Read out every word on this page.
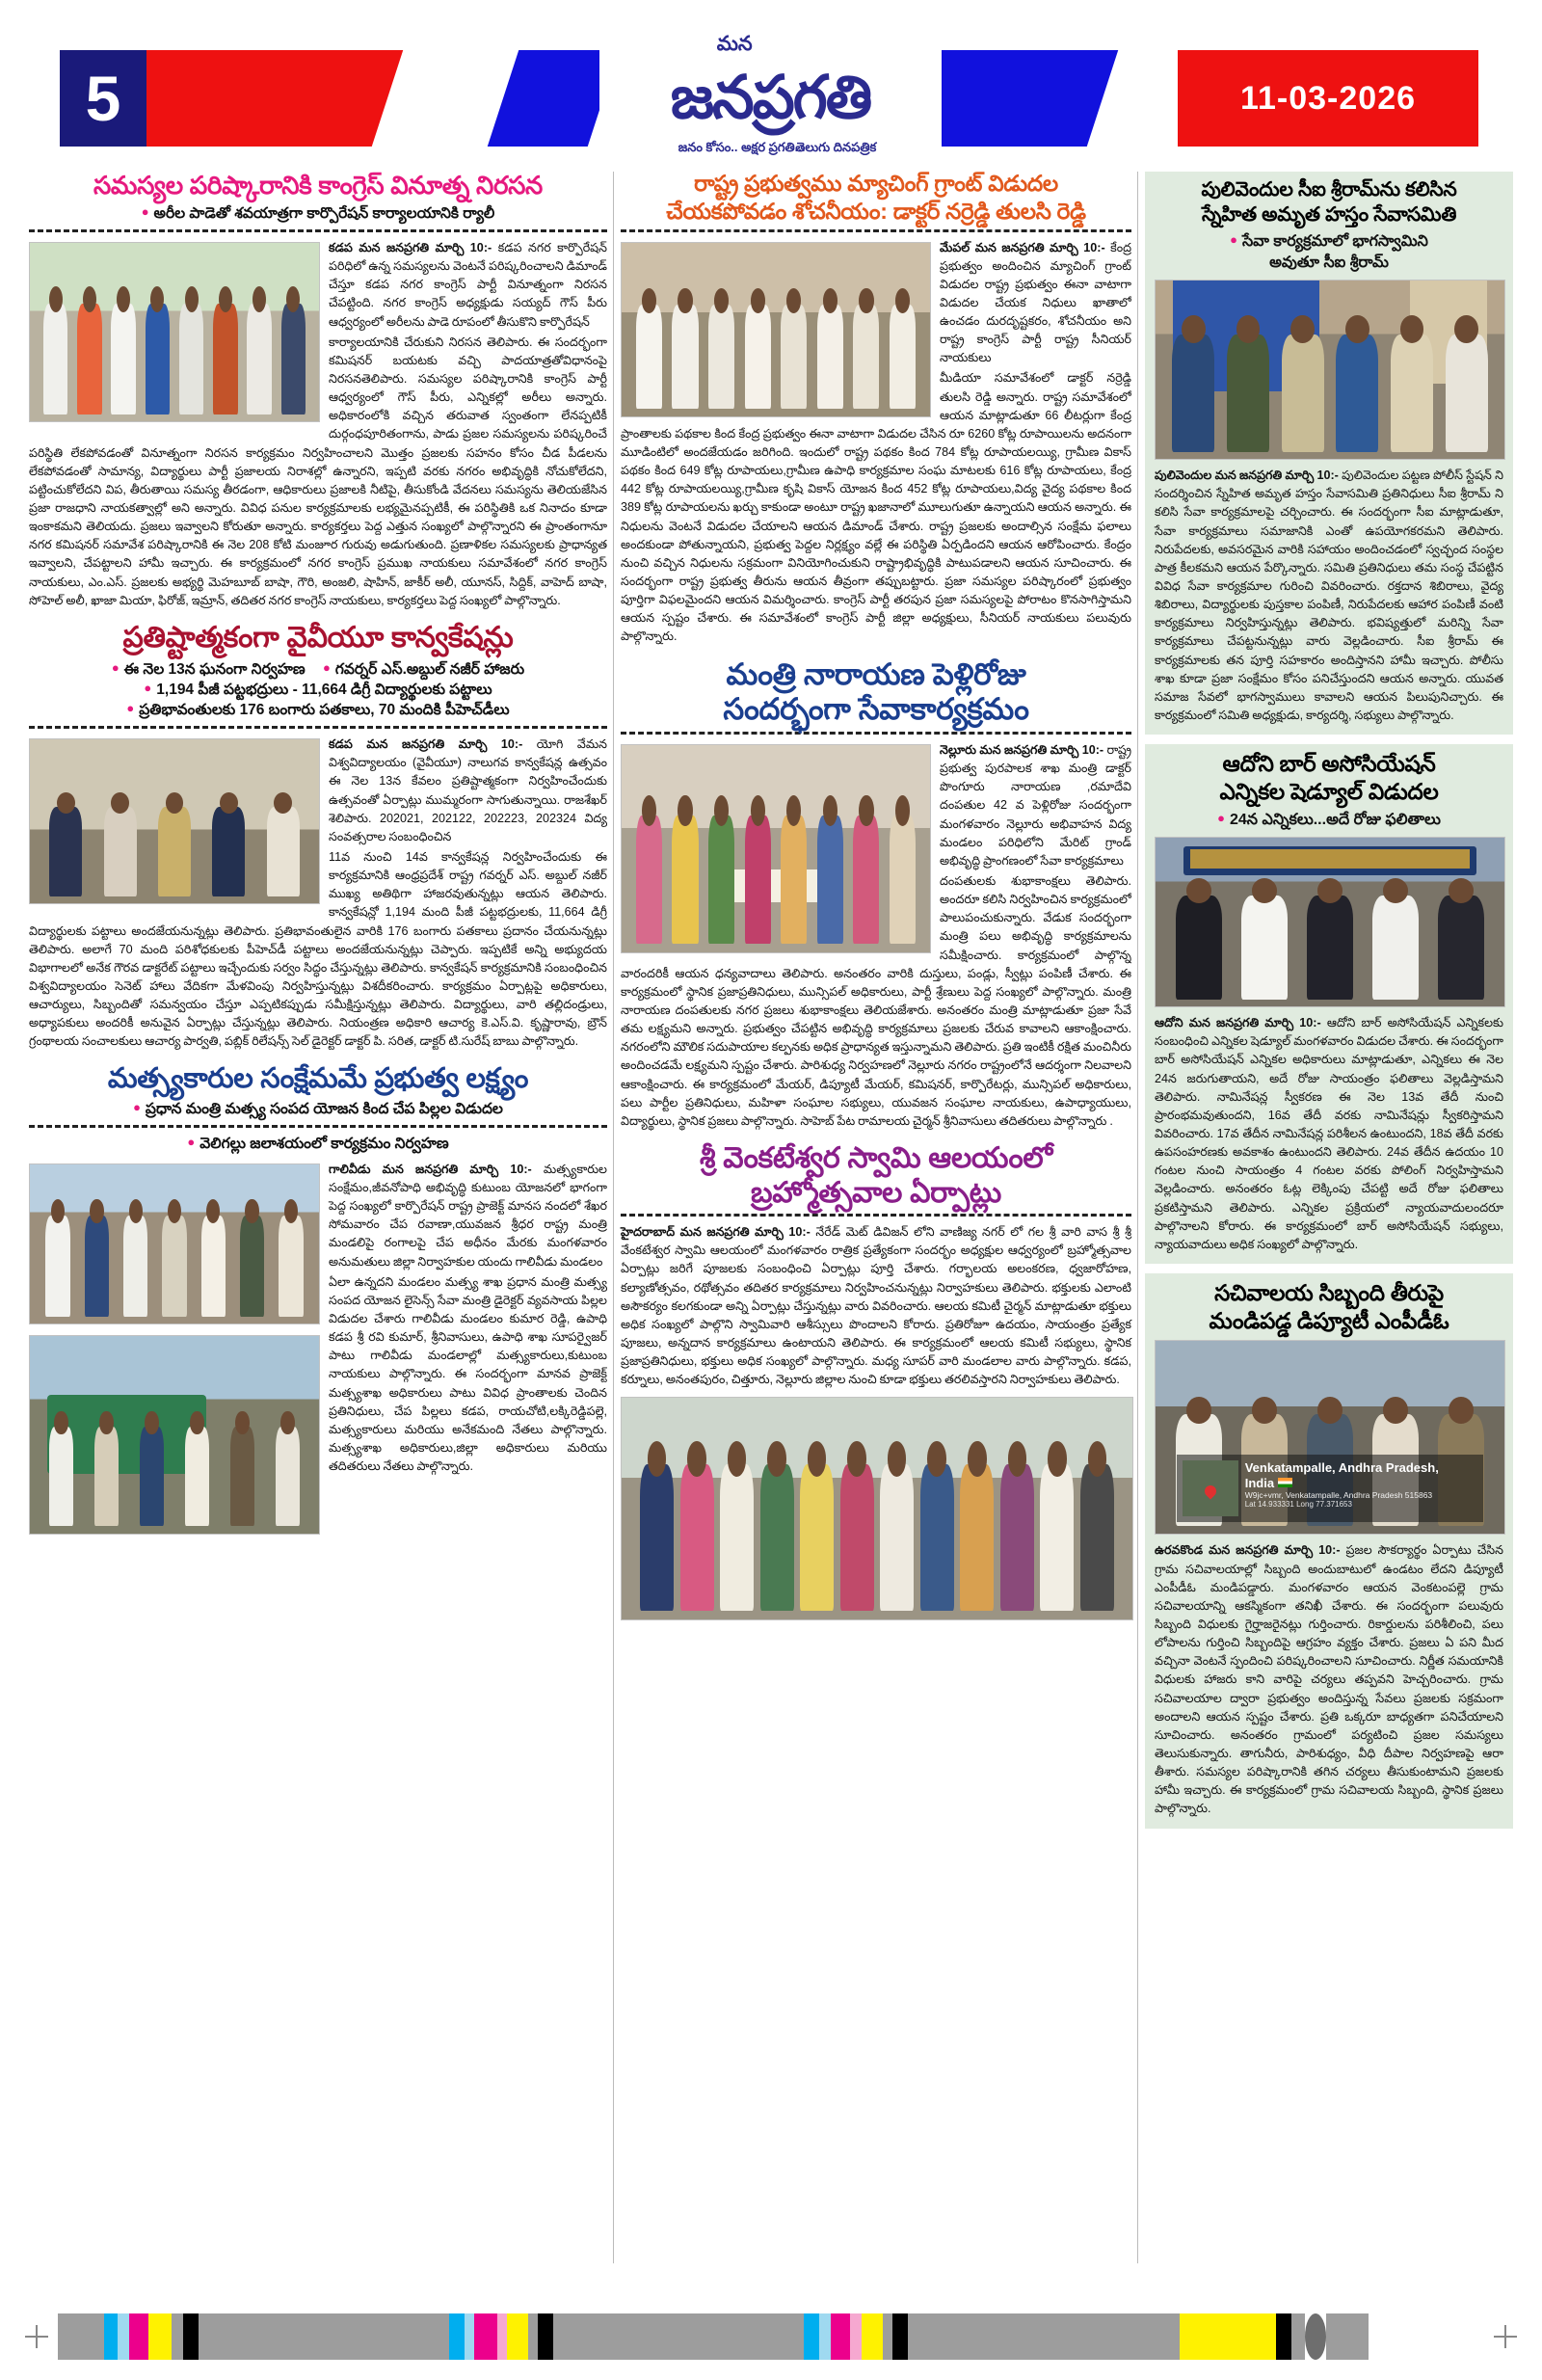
5
మన
జనప్రగతి
జనం కోసం.. అక్షర ప్రగతి...
తెలుగు దినపత్రిక
11-03-2026
సమస్యల పరిష్కారానికి కాంగ్రెస్ వినూత్న నిరసన
● అరీల పాడెతో శవయాత్రగా కార్పొరేషన్ కార్యాలయానికి ర్యాలీ
కడప మన జనప్రగతి మార్చి 10:- కడప నగర కార్పొరేషన్ పరిధిలో ఉన్న సమస్యలను వెంటనే పరిష్కరించాలని డిమాండ్ చేస్తూ కడప నగర కాంగ్రెస్ పార్టీ వినూత్నంగా నిరసన చేపట్టింది. నగర కాంగ్రెస్ అధ్యక్షుడు సయ్యద్ గౌస్ పీరు ఆధ్వర్యంలో అరీలను పాడె రూపంలో తీసుకొని కార్పొరేషన్
కార్యాలయానికి చేరుకుని నిరసన తెలిపారు. ఈ సందర్భంగా కమిషనర్ బయటకు వచ్చి పాదయాత్రతోవిధానంపై నిరసనతెలిపారు. సమస్యల పరిష్కారానికి కాంగ్రెస్ పార్టీ ఆధ్వర్యంలో గౌస్ పీరు, ఎన్నికల్లో అరీలు అన్నారు. అధికారంలోకి వచ్చిన తరువాత స్వంతంగా లేనప్పటికీ దుర్గంధపూరితంగాను, పాడు ప్రజల సమస్యలను పరిష్కరించే పరిస్థితి లేకపోవడంతో వినూత్నంగా నిరసన కార్యక్రమం నిర్వహించాలని మొత్తం ప్రజలకు సహనం కోసం చీడ పీడలను లేకపోవడంతో సామాన్య, విద్యార్థులు పార్టీ ప్రజాలయ నిరాశల్లో ఉన్నారని, ఇప్పటి వరకు నగరం అభివృద్ధికి నోచుకోలేదని, పట్టించుకోలేదని విప, తీరుతాయి సమస్య తీరడంగా, ఆధికారులు ప్రజాలకి నీటిపై, తీసుకోండి వేదనలు సమస్యను తెలియజేసిన ప్రజా రాజధాని నాయకత్వాల్లో అని అన్నారు. వివిధ పనుల కార్యక్రమాలకు లభ్యమైనప్పటికీ, ఈ పరిస్థితికి ఒక నినాదం కూడా ఇంకాకమని తెలియదు. ప్రజలు ఇవ్వాలని కోరుతూ అన్నారు. కార్యకర్తలు పెద్ద ఎత్తున సంఖ్యలో పాల్గొన్నారని ఈ ప్రాంతంగానూ నగర కమిషనర్ సమావేశ పరిష్కారానికి ఈ నెల 208 కోటి మంజూర గురువు అడుగుతుంది. ప్రణాళికల సమస్యలకు ప్రాధాన్యత ఇవ్వాలని, చేపట్టాలని హామీ ఇచ్చారు. ఈ కార్యక్రమంలో నగర కాంగ్రెస్ ప్రముఖ నాయకులు సమావేశంలో నగర కాంగ్రెస్ నాయకులు, ఎం.ఎస్. ప్రజలకు అభ్యర్థి మెహబూబ్ బాషా, గౌరి, అంజలి, షాహిన్, జాకీర్ అలీ, యూనస్, సిద్దిక్, వాహెద్ బాషా, సోహెల్ అలీ, ఖాజా మియా, ఫిరోజ్, ఇమ్రాన్, తదితర నగర కాంగ్రెస్ నాయకులు, కార్యకర్తలు పెద్ద సంఖ్యలో పాల్గొన్నారు.
ప్రతిష్టాత్మకంగా వైవీయూ కాన్వకేషన్లు
● ఈ నెల 13న ఘనంగా నిర్వహణ ● గవర్నర్ ఎస్.అబ్దుల్ నజీర్ హాజరు
● 1,194 పీజీ పట్టభద్రులు - 11,664 డిగ్రీ విద్యార్థులకు పట్టాలు
● ప్రతిభావంతులకు 176 బంగారు పతకాలు, 70 మందికి పీహెచ్‌డీలు
కడప మన జనప్రగతి మార్చి 10:- యోగి వేమన విశ్వవిద్యాలయం (వైవీయూ) నాలుగవ కాన్వకేషన్ల ఉత్సవం ఈ నెల 13న కేవలం ప్రతిష్టాత్మకంగా నిర్వహించేందుకు ఉత్సవంతో ఏర్పాట్లు ముమ్మరంగా సాగుతున్నాయి. రాజశేఖర్ శెలిపారు. 202021, 202122, 202223, 202324 విద్య సంవత్సరాల సంబంధించిన
11వ నుంచి 14వ కాన్వకేషన్ల నిర్వహించేందుకు ఈ కార్యక్రమానికి ఆంధ్రప్రదేశ్ రాష్ట్ర గవర్నర్ ఎస్. అబ్దుల్ నజీర్ ముఖ్య అతిథిగా హాజరవుతున్నట్లు ఆయన తెలిపారు. కాన్వకేషన్లో 1,194 మంది పీజీ పట్టభద్రులకు, 11,664 డిగ్రీ విద్యార్థులకు పట్టాలు అందజేయనున్నట్లు తెలిపారు. ప్రతిభావంతులైన వారికి 176 బంగారు పతకాలు ప్రదానం చేయనున్నట్లు తెలిపారు. అలాగే 70 మంది పరిశోధకులకు పీహెచ్‌డీ పట్టాలు అందజేయనున్నట్లు చెప్పారు. ఇప్పటికే అన్ని అభ్యుదయ విభాగాలలో అనేక గౌరవ డాక్టరేట్ పట్టాలు ఇచ్చేందుకు సర్వం సిద్ధం చేస్తున్నట్లు తెలిపారు. కాన్వకేషన్ కార్యక్రమానికి సంబంధించిన విశ్వవిద్యాలయం సెనెట్ హాలు వేదికగా మేళవింపు నిర్వహిస్తున్నట్లు విశదీకరించారు. కార్యక్రమం ఏర్పాట్లపై అధికారులు, ఆచార్యులు, సిబ్బందితో సమన్వయం చేస్తూ ఎప్పటికప్పుడు సమీక్షిస్తున్నట్లు తెలిపారు. విద్యార్థులు, వారి తల్లిదండ్రులు, అధ్యాపకులు అందరికీ అనువైన ఏర్పాట్లు చేస్తున్నట్లు తెలిపారు. నియంత్రణ అధికారి ఆచార్య కె.ఎస్.వి. కృష్ణారావు, బ్రౌన్ గ్రంథాలయ సంచాలకులు ఆచార్య పార్వతి, పబ్లిక్ రిలేషన్స్ సెల్ డైరెక్టర్ డాక్టర్ పి. సరిత, డాక్టర్ టి.సురేష్ బాబు పాల్గొన్నారు.
మత్స్యకారుల సంక్షేమమే ప్రభుత్వ లక్ష్యం
● ప్రధాన మంత్రి మత్స్య సంపద యోజన కింద చేప పిల్లల విడుదల
● వెలిగల్లు జలాశయంలో కార్యక్రమం నిర్వహణ
గాలివీడు మన జనప్రగతి మార్చి 10:- మత్స్యకారుల సంక్షేమం,జీవనోపాధి అభివృద్ధి కుటుంబ యోజనలో భాగంగా పెద్ద సంఖ్యలో కార్పొరేషన్ రాష్ట్ర ప్రాజెక్ట్ మానస నందలో శేఖర సోమవారం చేప రవాణా,యువజన శ్రీధర రాష్ట్ర మంత్రి మండలిపై రంగాలపై చేప అధీనం మేరకు మంగళవారం అనుమతులు జిల్లా నిర్వాహకుల యందు గాలివీడు మండలం
ఏలా ఉన్నదని మండలం మత్స్య శాఖ ప్రధాన మంత్రి మత్స్య సంపద యోజన లైసెన్స్ సేవా మంత్రి డైరెక్టర్ వ్యవసాయ పిల్లల విడుదల చేశారు గాలివీడు మండలం కుమార రెడ్డి, ఉపాధి కడప శ్రీ రవి కుమార్, శ్రీనివాసులు, ఉపాధి శాఖ సూపర్వైజర్ పాటు గాలివీడు మండలాల్లో మత్స్యకారులు,కుటుంబ నాయకులు పాల్గొన్నారు. ఈ సందర్భంగా మానవ ప్రాజెక్ట్ మత్స్యశాఖ అధికారులు పాటు వివిధ ప్రాంతాలకు చెందిన ప్రతినిధులు, చేప పిల్లలు కడప, రాయచోటి,లక్కిరెడ్డిపల్లె, మత్స్యకారులు మరియు అనేకమంది నేతలు పాల్గొన్నారు. మత్స్యశాఖ అధికారులు,జిల్లా అధికారులు మరియు తదితరులు నేతలు పాల్గొన్నారు.
రాష్ట్ర ప్రభుత్వము మ్యాచింగ్ గ్రాంట్ విడుదల
చేయకపోవడం శోచనీయం: డాక్టర్ నర్రెడ్డి తులసి రెడ్డి
మేపల్ మన జనప్రగతి మార్చి 10:- కేంద్ర ప్రభుత్వం అందించిన మ్యాచింగ్ గ్రాంట్ విడుదల రాష్ట్ర ప్రభుత్వం ఈనా వాటాగా విడుదల చేయక నిధులు ఖాతాలో ఉంచడం దురదృష్టకరం, శోచనీయం అని రాష్ట్ర కాంగ్రెస్ పార్టీ రాష్ట్ర సీనియర్ నాయకులు
మీడియా సమావేశంలో డాక్టర్ నర్రెడ్డి తులసి రెడ్డి అన్నారు. రాష్ట్ర సమావేశంలో ఆయన మాట్లాడుతూ 66 లీటర్లుగా కేంద్ర ప్రాంతాలకు పథకాల కింద కేంద్ర ప్రభుత్వం ఈనా వాటాగా విడుదల చేసిన రూ 6260 కోట్ల రూపాయిలను అదనంగా మూడింటిలో అందజేయడం జరిగింది. ఇందులో రాష్ట్ర పథకం కింద 784 కోట్ల రూపాయలయ్యి, గ్రామీణ వికాస్ పథకం కింద 649 కోట్ల రూపాయలు,గ్రామీణ ఉపాధి కార్యక్రమాల సంఘ మాటలకు 616 కోట్ల రూపాయలు, కేంద్ర 442 కోట్ల రూపాయలయ్యి,గ్రామీణ కృషి వికాస్ యోజన కింద 452 కోట్ల రూపాయలు,విద్య వైద్య పథకాల కింద 389 కోట్ల రూపాయలను ఖర్చు కాకుండా అంటూ రాష్ట్ర ఖజానాలో మూలుగుతూ ఉన్నాయని ఆయన అన్నారు. ఈ నిధులను వెంటనే విడుదల చేయాలని ఆయన డిమాండ్ చేశారు. రాష్ట్ర ప్రజలకు అందాల్సిన సంక్షేమ ఫలాలు అందకుండా పోతున్నాయని, ప్రభుత్వ పెద్దల నిర్లక్ష్యం వల్లే ఈ పరిస్థితి ఏర్పడిందని ఆయన ఆరోపించారు. కేంద్రం నుంచి వచ్చిన నిధులను సక్రమంగా వినియోగించుకుని రాష్ట్రాభివృద్ధికి పాటుపడాలని ఆయన సూచించారు. ఈ సందర్భంగా రాష్ట్ర ప్రభుత్వ తీరును ఆయన తీవ్రంగా తప్పుబట్టారు. ప్రజా సమస్యల పరిష్కారంలో ప్రభుత్వం పూర్తిగా విఫలమైందని ఆయన విమర్శించారు. కాంగ్రెస్ పార్టీ తరపున ప్రజా సమస్యలపై పోరాటం కొనసాగిస్తామని ఆయన స్పష్టం చేశారు. ఈ సమావేశంలో కాంగ్రెస్ పార్టీ జిల్లా అధ్యక్షులు, సీనియర్ నాయకులు పలువురు పాల్గొన్నారు.
మంత్రి నారాయణ పెళ్లిరోజు
సందర్భంగా సేవాకార్యక్రమం
నెల్లూరు మన జనప్రగతి మార్చి 10:- రాష్ట్ర ప్రభుత్వ పురపాలక శాఖ మంత్రి డాక్టర్ పొంగూరు నారాయణ ,రమాదేవి దంపతుల 42 వ పెళ్లిరోజు సందర్భంగా మంగళవారం నెల్లూరు అభివాహన విద్య మండలం పరిధిలోని మేరిట్ గ్రాండ్ అభివృద్ధి ప్రాంగణంలో సేవా కార్యక్రమాలు
దంపతులకు శుభాకాంక్షలు తెలిపారు. అందరూ కలిసి నిర్వహించిన కార్యక్రమంలో పాలుపంచుకున్నారు. వేడుక సందర్భంగా మంత్రి పలు అభివృద్ధి కార్యక్రమాలను సమీక్షించారు. కార్యక్రమంలో పాల్గొన్న వారందరికీ ఆయన ధన్యవాదాలు తెలిపారు. అనంతరం వారికి దుస్తులు, పండ్లు, స్వీట్లు పంపిణీ చేశారు. ఈ కార్యక్రమంలో స్థానిక ప్రజాప్రతినిధులు, మున్సిపల్ అధికారులు, పార్టీ శ్రేణులు పెద్ద సంఖ్యలో పాల్గొన్నారు. మంత్రి నారాయణ దంపతులకు నగర ప్రజలు శుభాకాంక్షలు తెలియజేశారు. అనంతరం మంత్రి మాట్లాడుతూ ప్రజా సేవే తమ లక్ష్యమని అన్నారు. ప్రభుత్వం చేపట్టిన అభివృద్ధి కార్యక్రమాలు ప్రజలకు చేరువ కావాలని ఆకాంక్షించారు. నగరంలోని మౌలిక సదుపాయాల కల్పనకు అధిక ప్రాధాన్యత ఇస్తున్నామని తెలిపారు. ప్రతి ఇంటికీ రక్షిత మంచినీరు అందించడమే లక్ష్యమని స్పష్టం చేశారు. పారిశుధ్య నిర్వహణలో నెల్లూరు నగరం రాష్ట్రంలోనే ఆదర్శంగా నిలవాలని ఆకాంక్షించారు. ఈ కార్యక్రమంలో మేయర్, డిప్యూటీ మేయర్, కమిషనర్, కార్పొరేటర్లు, మున్సిపల్ అధికారులు, పలు పార్టీల ప్రతినిధులు, మహిళా సంఘాల సభ్యులు, యువజన సంఘాల నాయకులు, ఉపాధ్యాయులు, విద్యార్థులు, స్థానిక ప్రజలు పాల్గొన్నారు. సాహెబ్ పేట రామాలయ చైర్మన్ శ్రీనివాసులు తదితరులు పాల్గొన్నారు .
శ్రీ వెంకటేశ్వర స్వామి ఆలయంలో
బ్రహ్మోత్సవాల ఏర్పాట్లు
హైదరాబాద్ మన జనప్రగతి మార్చి 10:- నేరేడ్ మెట్ డివిజన్ లోని వాణిజ్య నగర్ లో గల శ్రీ వారి వాస శ్రీ శ్రీ వేంకటేశ్వర స్వామి ఆలయంలో మంగళవారం రాత్రిక ప్రత్యేకంగా సందర్భం అధ్యక్షుల ఆధ్వర్యంలో బ్రహ్మోత్సవాల ఏర్పాట్లు జరిగే పూజలకు సంబంధించి ఏర్పాట్లు పూర్తి చేశారు. గర్భాలయ అలంకరణ, ధ్వజారోహణ, కల్యాణోత్సవం, రథోత్సవం తదితర కార్యక్రమాలు నిర్వహించనున్నట్లు నిర్వాహకులు తెలిపారు. భక్తులకు ఎలాంటి అసౌకర్యం కలగకుండా అన్ని ఏర్పాట్లు చేస్తున్నట్లు వారు వివరించారు. ఆలయ కమిటీ చైర్మన్ మాట్లాడుతూ భక్తులు అధిక సంఖ్యలో పాల్గొని స్వామివారి ఆశీస్సులు పొందాలని కోరారు. ప్రతిరోజూ ఉదయం, సాయంత్రం ప్రత్యేక పూజలు, అన్నదాన కార్యక్రమాలు ఉంటాయని తెలిపారు. ఈ కార్యక్రమంలో ఆలయ కమిటీ సభ్యులు, స్థానిక ప్రజాప్రతినిధులు, భక్తులు అధిక సంఖ్యలో పాల్గొన్నారు. మధ్య సూపర్ వారి మండలాల వారు పాల్గొన్నారు. కడప, కర్నూలు, అనంతపురం, చిత్తూరు, నెల్లూరు జిల్లాల నుంచి కూడా భక్తులు తరలివస్తారని నిర్వాహకులు తెలిపారు.
పులివెందుల సీఐ శ్రీరామ్‌ను కలిసిన
స్నేహిత అమృత హస్తం సేవాసమితి
● సేవా కార్యక్రమాలో భాగస్వామిని
అవుతూ సీఐ శ్రీరామ్
పులివెందుల మన జనప్రగతి మార్చి 10:- పులివెందుల పట్టణ పోలీస్ స్టేషన్ ని సందర్శించిన స్నేహిత అమృత హస్తం సేవాసమితి ప్రతినిధులు సీఐ శ్రీరామ్ ని కలిసి సేవా కార్యక్రమాలపై చర్చించారు. ఈ సందర్భంగా సీఐ మాట్లాడుతూ, సేవా కార్యక్రమాలు సమాజానికి ఎంతో ఉపయోగకరమని తెలిపారు. నిరుపేదలకు, అవసరమైన వారికి సహాయం అందించడంలో స్వచ్ఛంద సంస్థల పాత్ర కీలకమని ఆయన పేర్కొన్నారు. సమితి ప్రతినిధులు తమ సంస్థ చేపట్టిన వివిధ సేవా కార్యక్రమాల గురించి వివరించారు. రక్తదాన శిబిరాలు, వైద్య శిబిరాలు, విద్యార్థులకు పుస్తకాల పంపిణీ, నిరుపేదలకు ఆహార పంపిణీ వంటి కార్యక్రమాలు నిర్వహిస్తున్నట్లు తెలిపారు. భవిష్యత్తులో మరిన్ని సేవా కార్యక్రమాలు చేపట్టనున్నట్లు వారు వెల్లడించారు. సీఐ శ్రీరామ్ ఈ కార్యక్రమాలకు తన పూర్తి సహకారం అందిస్తానని హామీ ఇచ్చారు. పోలీసు శాఖ కూడా ప్రజా సంక్షేమం కోసం పనిచేస్తుందని ఆయన అన్నారు. యువత సమాజ సేవలో భాగస్వాములు కావాలని ఆయన పిలుపునిచ్చారు. ఈ కార్యక్రమంలో సమితి అధ్యక్షుడు, కార్యదర్శి, సభ్యులు పాల్గొన్నారు.
ఆదోని బార్ అసోసియేషన్
ఎన్నికల షెడ్యూల్ విడుదల
● 24న ఎన్నికలు...అదే రోజు ఫలితాలు
ఆదోని మన జనప్రగతి మార్చి 10:- ఆదోని బార్ అసోసియేషన్ ఎన్నికలకు సంబంధించి ఎన్నికల షెడ్యూల్ మంగళవారం విడుదల చేశారు. ఈ సందర్భంగా బార్ అసోసియేషన్ ఎన్నికల అధికారులు మాట్లాడుతూ, ఎన్నికలు ఈ నెల 24న జరుగుతాయని, అదే రోజు సాయంత్రం ఫలితాలు వెల్లడిస్తామని తెలిపారు. నామినేషన్ల స్వీకరణ ఈ నెల 13వ తేదీ నుంచి ప్రారంభమవుతుందని, 16వ తేదీ వరకు నామినేషన్లు స్వీకరిస్తామని వివరించారు. 17వ తేదీన నామినేషన్ల పరిశీలన ఉంటుందని, 18వ తేదీ వరకు ఉపసంహరణకు అవకాశం ఉంటుందని తెలిపారు. 24వ తేదీన ఉదయం 10 గంటల నుంచి సాయంత్రం 4 గంటల వరకు పోలింగ్ నిర్వహిస్తామని వెల్లడించారు. అనంతరం ఓట్ల లెక్కింపు చేపట్టి అదే రోజు ఫలితాలు ప్రకటిస్తామని తెలిపారు. ఎన్నికల ప్రక్రియలో న్యాయవాదులందరూ పాల్గొనాలని కోరారు. ఈ కార్యక్రమంలో బార్ అసోసియేషన్ సభ్యులు, న్యాయవాదులు అధిక సంఖ్యలో పాల్గొన్నారు.
సచివాలయ సిబ్బంది తీరుపై
మండిపడ్డ డిప్యూటీ ఎంపీడీఓ
Venkatampalle, Andhra Pradesh,
India
W9jc+vmr, Venkatampalle, Andhra Pradesh 515863
Lat 14.933331 Long 77.371653
ఉరవకొండ మన జనప్రగతి మార్చి 10:- ప్రజల సౌకర్యార్థం ఏర్పాటు చేసిన గ్రామ సచివాలయాల్లో సిబ్బంది అందుబాటులో ఉండటం లేదని డిప్యూటీ ఎంపీడీఓ మండిపడ్డారు. మంగళవారం ఆయన వెంకటంపల్లె గ్రామ సచివాలయాన్ని ఆకస్మికంగా తనిఖీ చేశారు. ఈ సందర్భంగా పలువురు సిబ్బంది విధులకు గైర్హాజరైనట్లు గుర్తించారు. రికార్డులను పరిశీలించి, పలు లోపాలను గుర్తించి సిబ్బందిపై ఆగ్రహం వ్యక్తం చేశారు. ప్రజలు ఏ పని మీద వచ్చినా వెంటనే స్పందించి పరిష్కరించాలని సూచించారు. నిర్ణీత సమయానికి విధులకు హాజరు కాని వారిపై చర్యలు తప్పవని హెచ్చరించారు. గ్రామ సచివాలయాల ద్వారా ప్రభుత్వం అందిస్తున్న సేవలు ప్రజలకు సక్రమంగా అందాలని ఆయన స్పష్టం చేశారు. ప్రతి ఒక్కరూ బాధ్యతగా పనిచేయాలని సూచించారు. అనంతరం గ్రామంలో పర్యటించి ప్రజల సమస్యలు తెలుసుకున్నారు. తాగునీరు, పారిశుధ్యం, వీధి దీపాల నిర్వహణపై ఆరా తీశారు. సమస్యల పరిష్కారానికి తగిన చర్యలు తీసుకుంటామని ప్రజలకు హామీ ఇచ్చారు. ఈ కార్యక్రమంలో గ్రామ సచివాలయ సిబ్బంది, స్థానిక ప్రజలు పాల్గొన్నారు.
